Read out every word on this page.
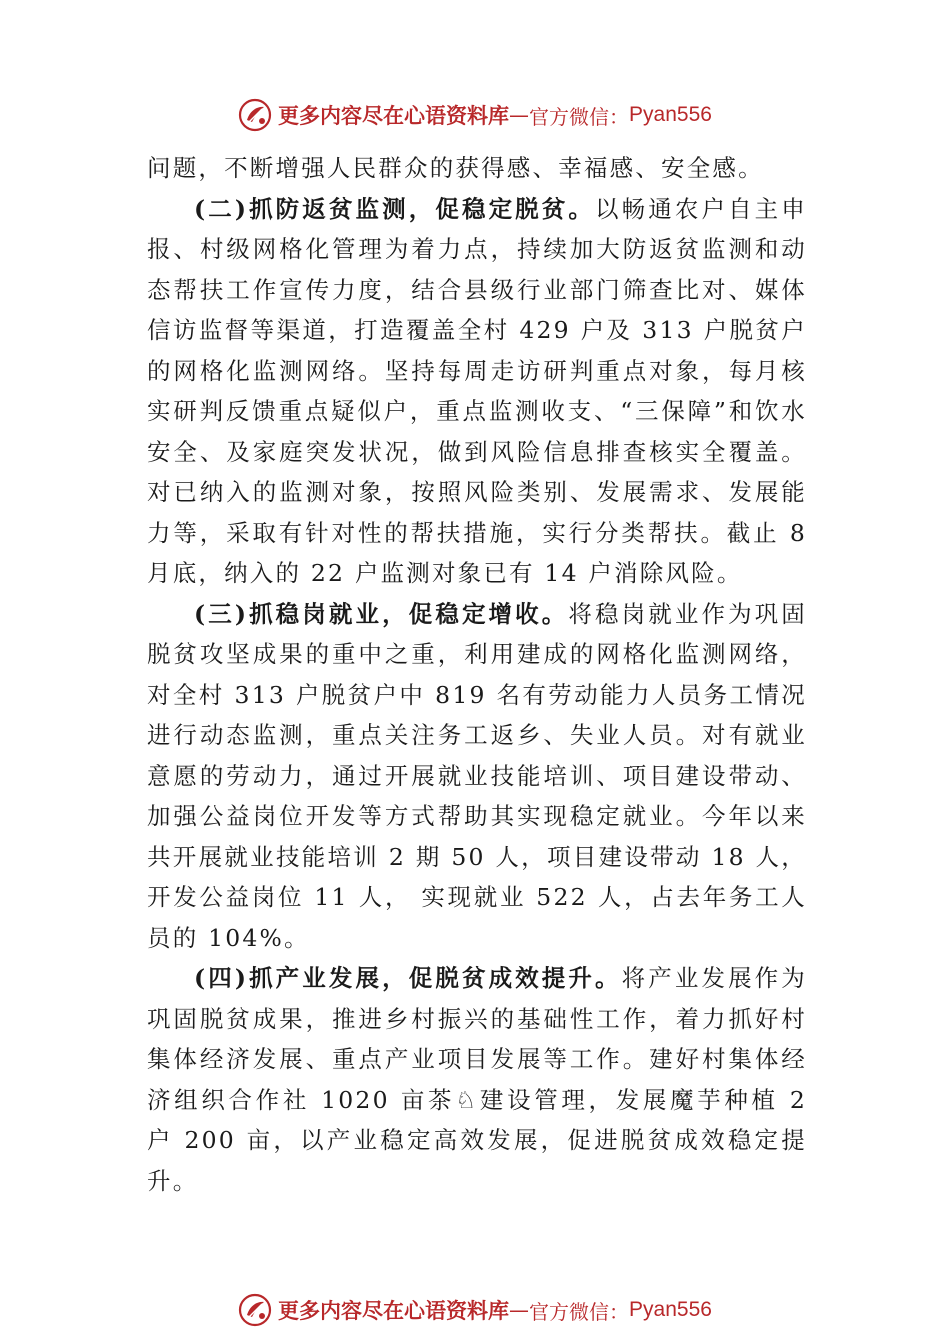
更多内容尽在心语资料库 — 官方微信： Pyan556

问题，不断增强人民群众的获得感、幸福感、安全感。

(二)抓防返贫监测，促稳定脱贫。以畅通农户自主申报、村级网格化管理为着力点，持续加大防返贫监测和动态帮扶工作宣传力度，结合县级行业部门筛查比对、媒体信访监督等渠道，打造覆盖全村 429 户及 313 户脱贫户的网格化监测网络。坚持每周走访研判重点对象，每月核实研判反馈重点疑似户，重点监测收支、“三保障”和饮水安全、及家庭突发状况，做到风险信息排查核实全覆盖。对已纳入的监测对象，按照风险类别、发展需求、发展能力等，采取有针对性的帮扶措施，实行分类帮扶。截止 8 月底，纳入的 22 户监测对象已有 14 户消除风险。

(三)抓稳岗就业，促稳定增收。将稳岗就业作为巩固脱贫攻坚成果的重中之重，利用建成的网格化监测网络，对全村 313 户脱贫户中 819 名有劳动能力人员务工情况进行动态监测，重点关注务工返乡、失业人员。对有就业意愿的劳动力，通过开展就业技能培训、项目建设带动、加强公益岗位开发等方式帮助其实现稳定就业。今年以来共开展就业技能培训 2 期 50 人，项目建设带动 18 人，开发公益岗位 11 人， 实现就业 522 人，占去年务工人员的 104%。

(四)抓产业发展，促脱贫成效提升。将产业发展作为巩固脱贫成果，推进乡村振兴的基础性工作，着力抓好村集体经济发展、重点产业项目发展等工作。建好村集体经济组织合作社 1020 亩茶♘建设管理，发展魔芋种植 2 户 200 亩，以产业稳定高效发展，促进脱贫成效稳定提升。

更多内容尽在心语资料库 — 官方微信： Pyan556
